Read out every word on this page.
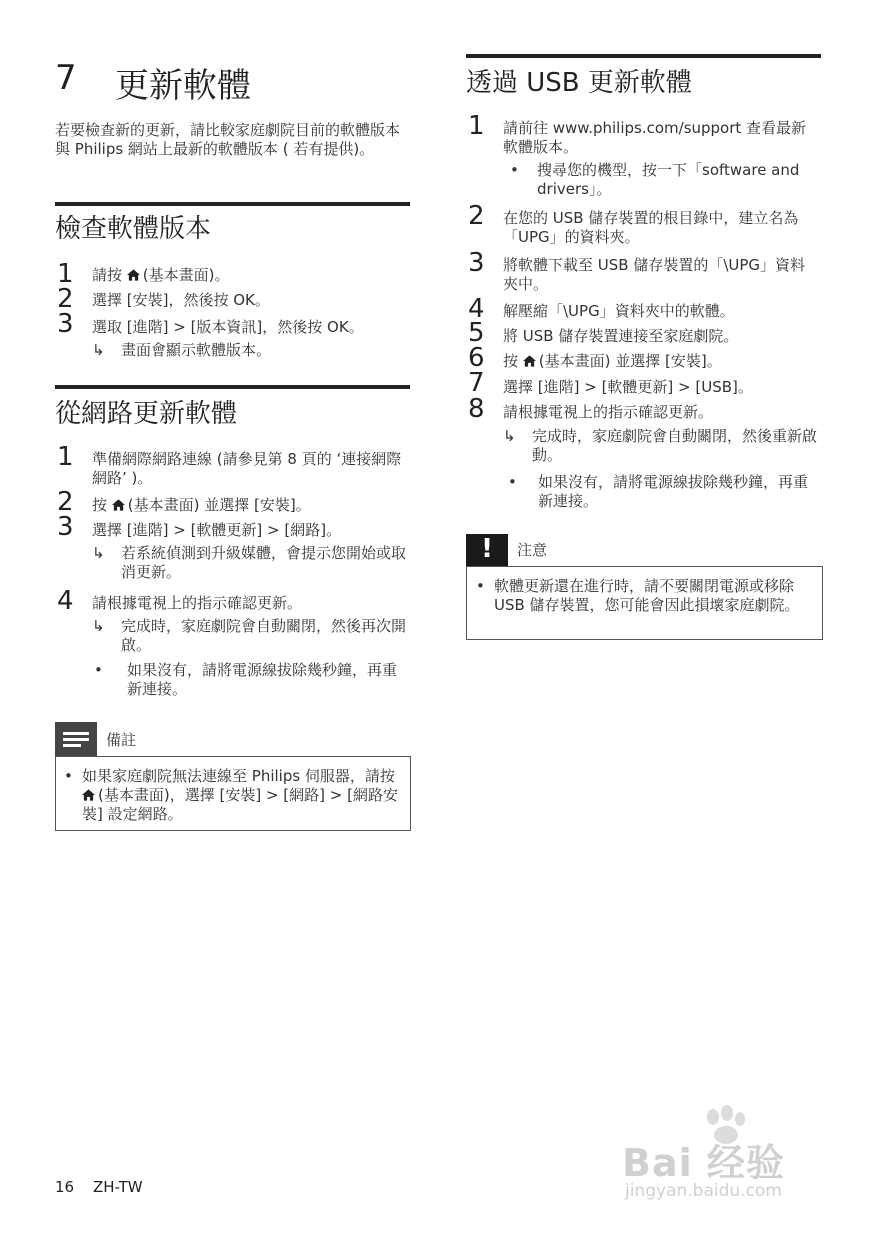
7 更新軟體
若要檢查新的更新，請比較家庭劇院目前的軟體版本與 Philips 網站上最新的軟體版本 ( 若有提供)。
檢查軟體版本
1 請按 (基本畫面)。
2 選擇 [安裝]，然後按 OK。
3 選取 [進階] > [版本資訊]，然後按 OK。
↳ 畫面會顯示軟體版本。
從網路更新軟體
1 準備網際網路連線 (請參見第 8 頁的 ‘連接網際網路’ )。
2 按 (基本畫面) 並選擇 [安裝]。
3 選擇 [進階] > [軟體更新] > [網路]。
↳ 若系統偵測到升級媒體，會提示您開始或取消更新。
4 請根據電視上的指示確認更新。
↳ 完成時，家庭劇院會自動關閉，然後再次開啟。
• 如果沒有，請將電源線拔除幾秒鐘，再重新連接。
備註
• 如果家庭劇院無法連線至 Philips 伺服器，請按 (基本畫面)，選擇 [安裝] > [網路] > [網路安裝] 設定網路。
透過 USB 更新軟體
1 請前往 www.philips.com/support 查看最新軟體版本。
• 搜尋您的機型，按一下「software and drivers」。
2 在您的 USB 儲存裝置的根目錄中，建立名為「UPG」的資料夾。
3 將軟體下載至 USB 儲存裝置的「\UPG」資料夾中。
4 解壓縮「\UPG」資料夾中的軟體。
5 將 USB 儲存裝置連接至家庭劇院。
6 按 (基本畫面) 並選擇 [安裝]。
7 選擇 [進階] > [軟體更新] > [USB]。
8 請根據電視上的指示確認更新。
↳ 完成時，家庭劇院會自動關閉，然後重新啟動。
• 如果沒有，請將電源線拔除幾秒鐘，再重新連接。
!	注意
• 軟體更新還在進行時，請不要關閉電源或移除 USB 儲存裝置，您可能會因此損壞家庭劇院。
16 ZH-TW
Bai 经验
jingyan.baidu.com
